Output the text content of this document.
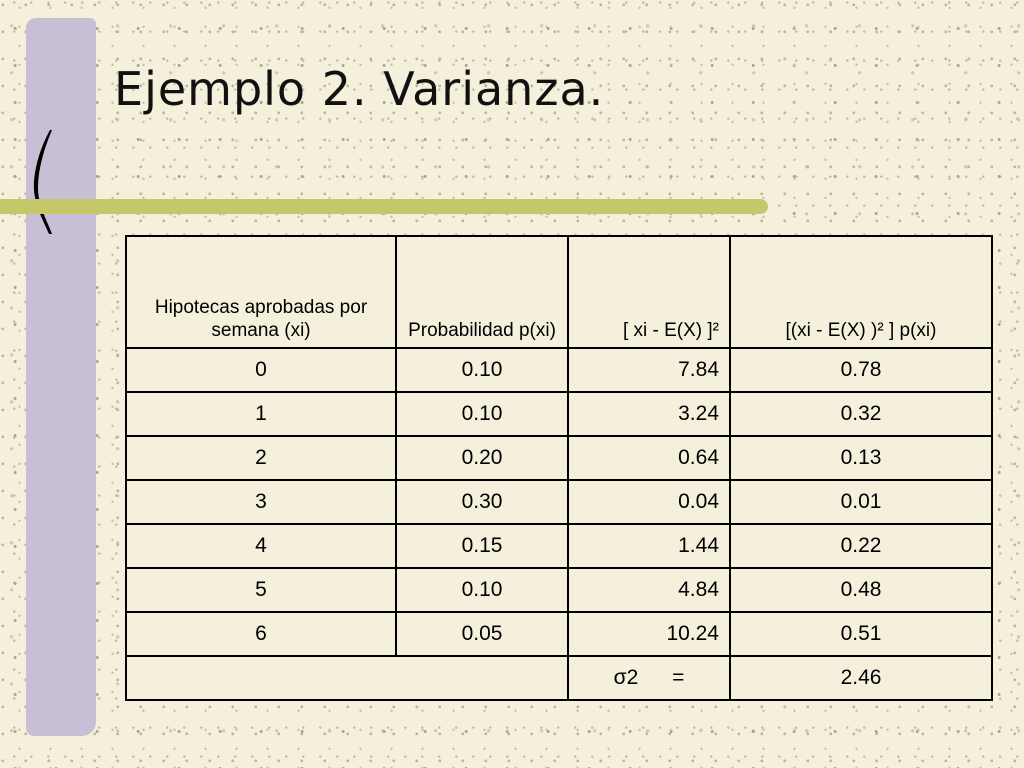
Ejemplo 2. Varianza.
Hipotecas aprobadas por semana (xi)	Probabilidad p(xi)	[ xi - E(X) ]²	[(xi - E(X) )² ] p(xi)
0	0.10	7.84	0.78
1	0.10	3.24	0.32
2	0.20	0.64	0.13
3	0.30	0.04	0.01
4	0.15	1.44	0.22
5	0.10	4.84	0.48
6	0.05	10.24	0.51
		σ2 =	2.46
